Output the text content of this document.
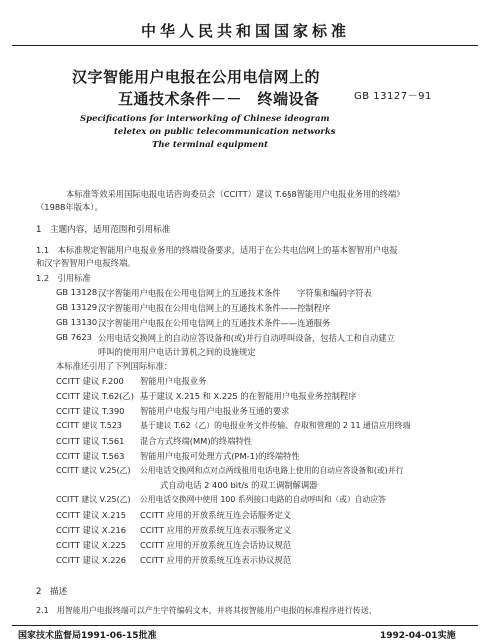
中华人民共和国国家标准
汉字智能用户电报在公用电信网上的
互通技术条件－－　终端设备	GB 13127－91
Specifications for interworking of Chinese ideogram
teletex on public telecommunication networks
The terminal equipment
本标准等效采用国际电报电话咨询委员会（CCITT）建议 T.6§8智能用户电报业务用的终端》
（1988年版本）。
1　主题内容，适用范围和引用标准
1.1　本标准规定智能用户电报业务用的终端设备要求，适用于在公共电信网上的基本智智用户电报
和汉字智智用户电报终端。
1.2　引用标准
GB 13128 汉字智能用户电报在公用电信网上的互通技术条件　　字符集和编码字符表
GB 13129 汉字智能用户电报在公用电信网上的互通技术条件——控制程序
GB 13130 汉字智能用户电报在公用电信网上的互通技术条件——连通服务
GB 7623 公用电话交换网上的自动应答设备和(或)并行自动呼叫设备，包括人工和自动建立
呼叫的使用用户电话计算机之间的设施规定
本标准还引用了下列国际标准：
CCITT 建议 F.200 智能用户电报业务
CCITT 建议 T.62(乙) 基于建议 X.215 和 X.225 的在智能用户电报业务控制程序
CCITT 建议 T.390 智能用户电报与用户电报业务互通的要求
CCITT 建议 T.523 基于建议 T.62（乙）的电报业务文件传输、存取和管理的 2 11 通信应用终端
CCITT 建议 T.561 混合方式终端(MM)的终端特性
CCITT 建议 T.563 智能用户电报可处理方式(PM-1)的终端特性
CCITT 建议 V.25(乙) 公用电话交换网和点对点两线租用电话电路上使用的自动应答设备和(或)并行
式自动电话 2 400 bit/s 的双工调制解调器
CCITT 建议 V.25(乙) 公用电话交换网中使用 100 系列接口电路的自动呼叫和（或）自动应答
CCITT 建议 X.215 CCITT 应用的开放系统互连会话服务定义
CCITT 建议 X.216 CCITT 应用的开放系统互连表示服务定义
CCITT 建议 X.225 CCITT 应用的开放系统互连会话协议规范
CCITT 建议 X.226 CCITT 应用的开放系统互连表示协议规范
2　描述
2.1　用智能用户电报终端可以产生字符编码文本，并将其按智能用户电报的标准程序进行传送、
国家技术监督局1991-06-15批准	1992-04-01实施
